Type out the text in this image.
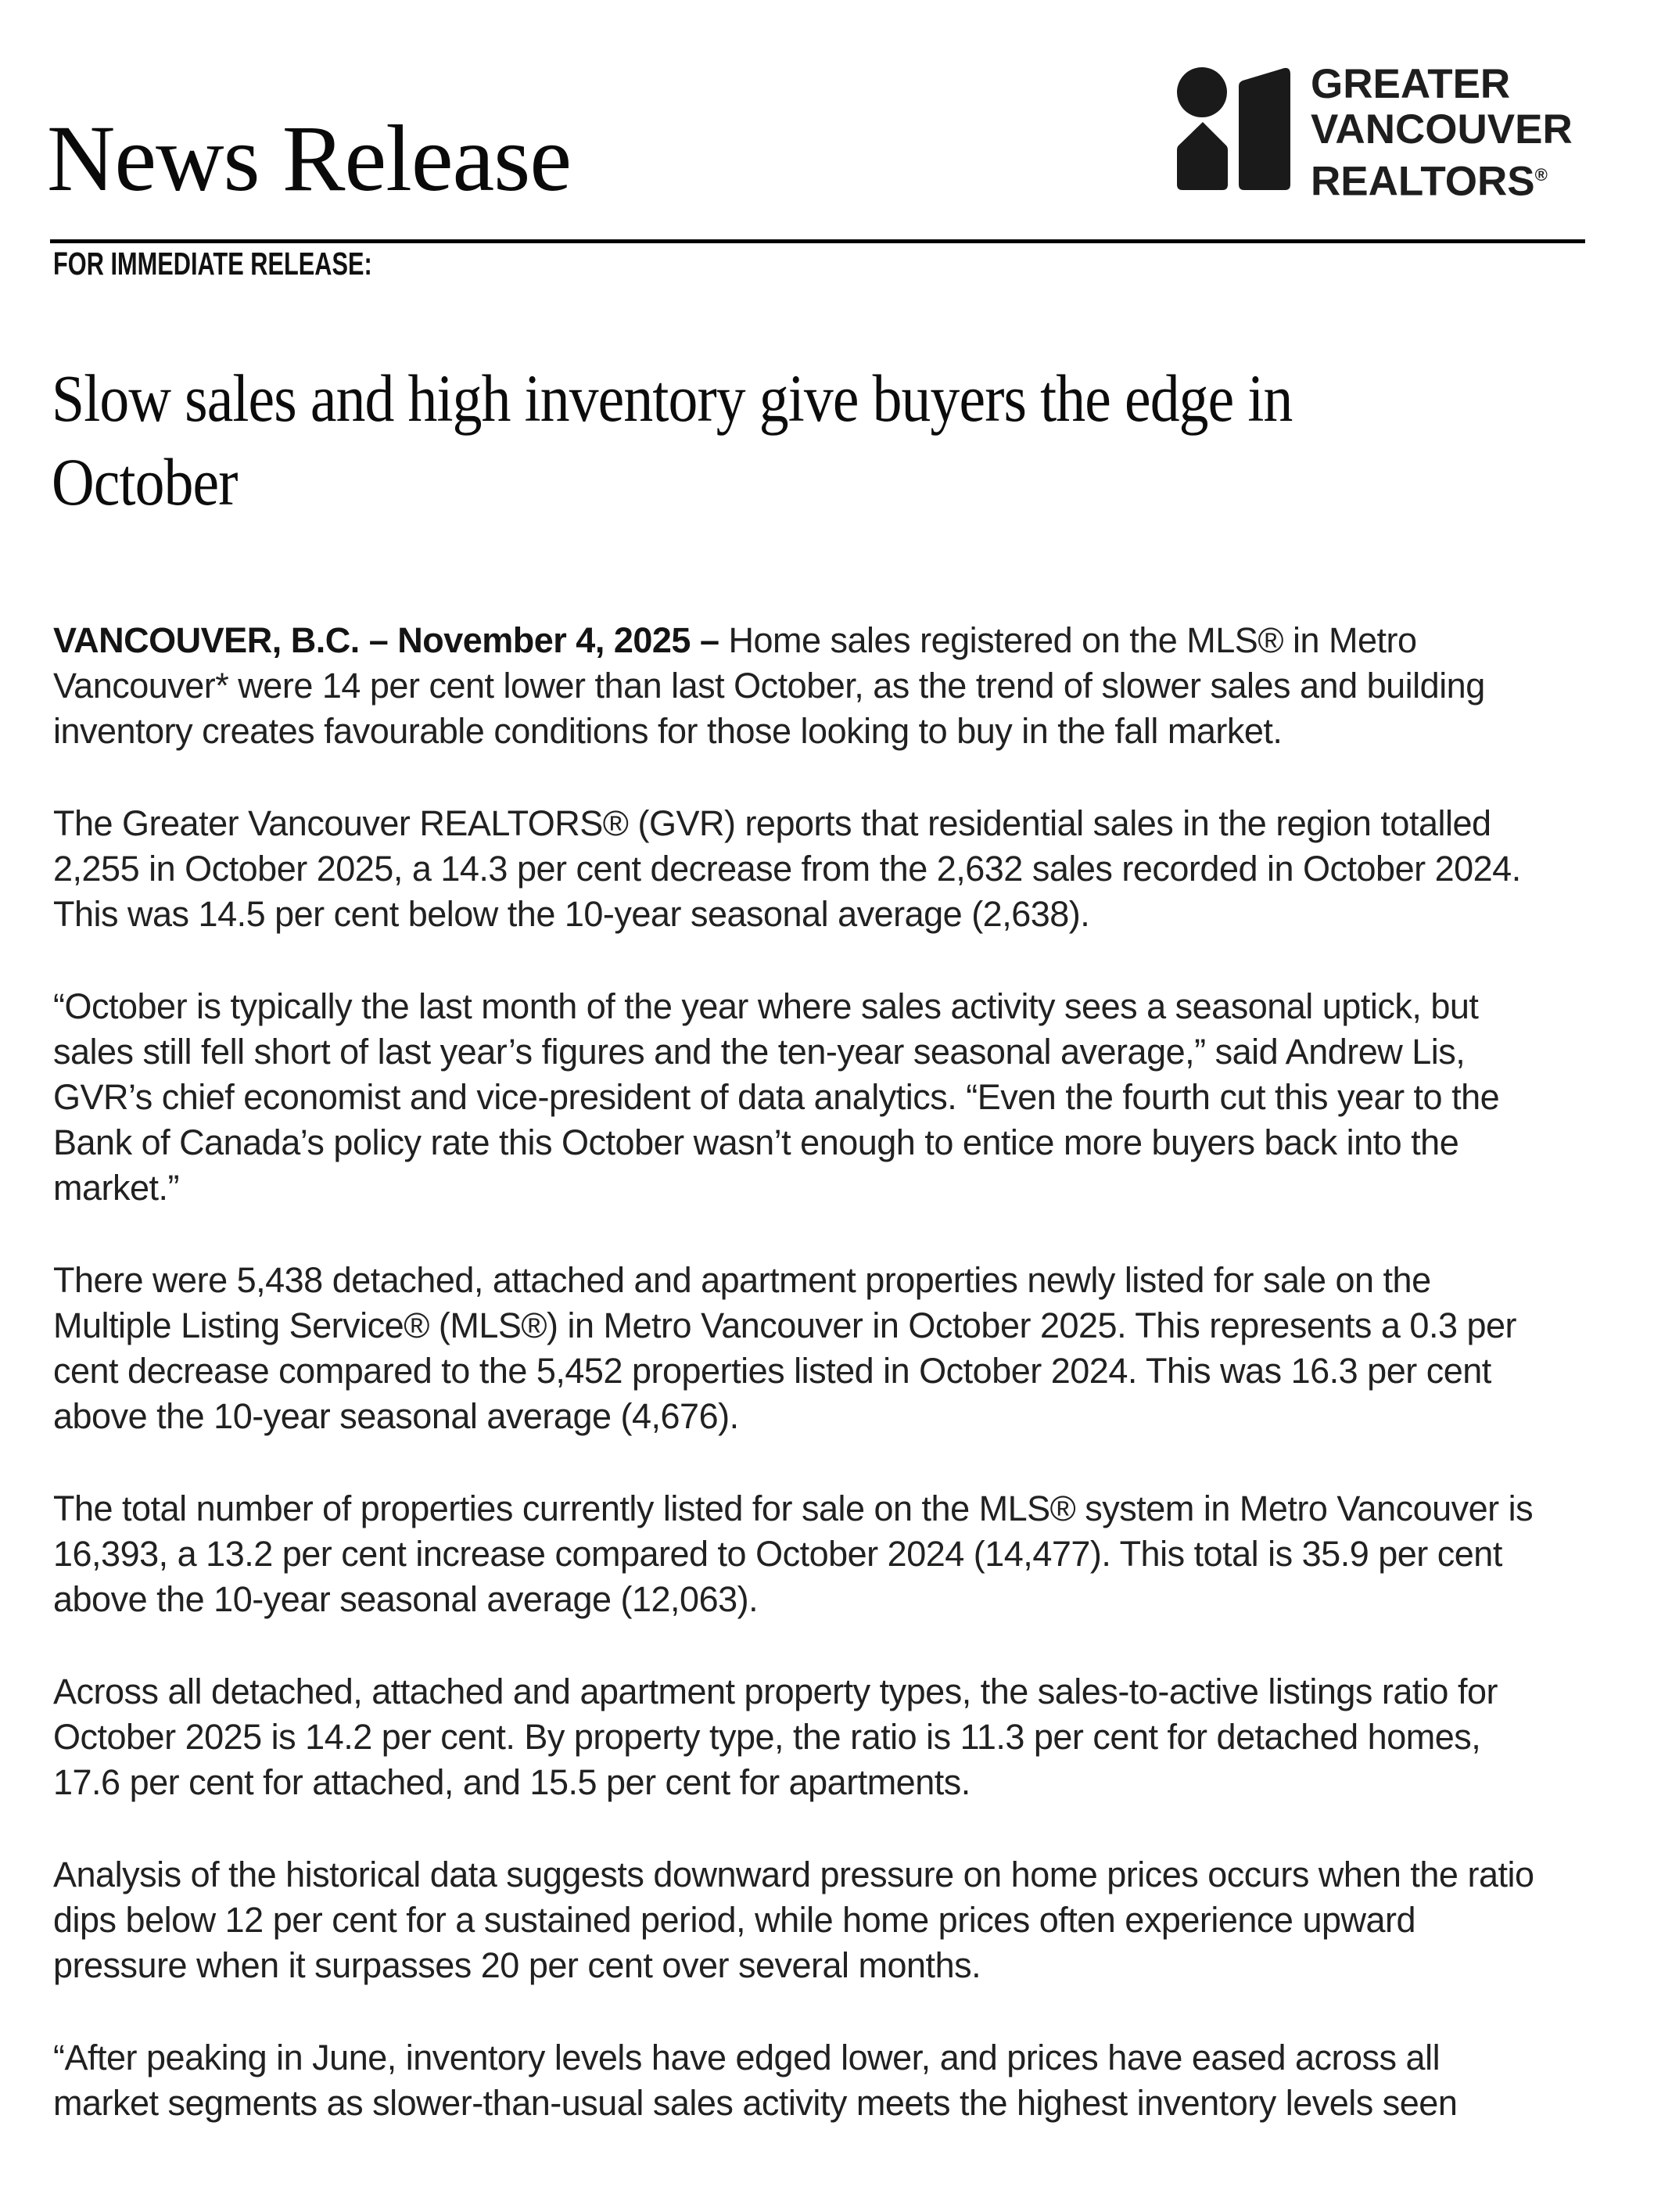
News Release
GREATER
VANCOUVER
REALTORS®

FOR IMMEDIATE RELEASE:

Slow sales and high inventory give buyers the edge in
October

VANCOUVER, B.C. – November 4, 2025 – Home sales registered on the MLS® in Metro Vancouver* were 14 per cent lower than last October, as the trend of slower sales and building inventory creates favourable conditions for those looking to buy in the fall market.

The Greater Vancouver REALTORS® (GVR) reports that residential sales in the region totalled 2,255 in October 2025, a 14.3 per cent decrease from the 2,632 sales recorded in October 2024. This was 14.5 per cent below the 10-year seasonal average (2,638).

“October is typically the last month of the year where sales activity sees a seasonal uptick, but sales still fell short of last year’s figures and the ten-year seasonal average,” said Andrew Lis, GVR’s chief economist and vice-president of data analytics. “Even the fourth cut this year to the Bank of Canada’s policy rate this October wasn’t enough to entice more buyers back into the market.”

There were 5,438 detached, attached and apartment properties newly listed for sale on the Multiple Listing Service® (MLS®) in Metro Vancouver in October 2025. This represents a 0.3 per cent decrease compared to the 5,452 properties listed in October 2024. This was 16.3 per cent above the 10-year seasonal average (4,676).

The total number of properties currently listed for sale on the MLS® system in Metro Vancouver is 16,393, a 13.2 per cent increase compared to October 2024 (14,477). This total is 35.9 per cent above the 10-year seasonal average (12,063).

Across all detached, attached and apartment property types, the sales-to-active listings ratio for October 2025 is 14.2 per cent. By property type, the ratio is 11.3 per cent for detached homes, 17.6 per cent for attached, and 15.5 per cent for apartments.

Analysis of the historical data suggests downward pressure on home prices occurs when the ratio dips below 12 per cent for a sustained period, while home prices often experience upward pressure when it surpasses 20 per cent over several months.

“After peaking in June, inventory levels have edged lower, and prices have eased across all market segments as slower-than-usual sales activity meets the highest inventory levels seen
